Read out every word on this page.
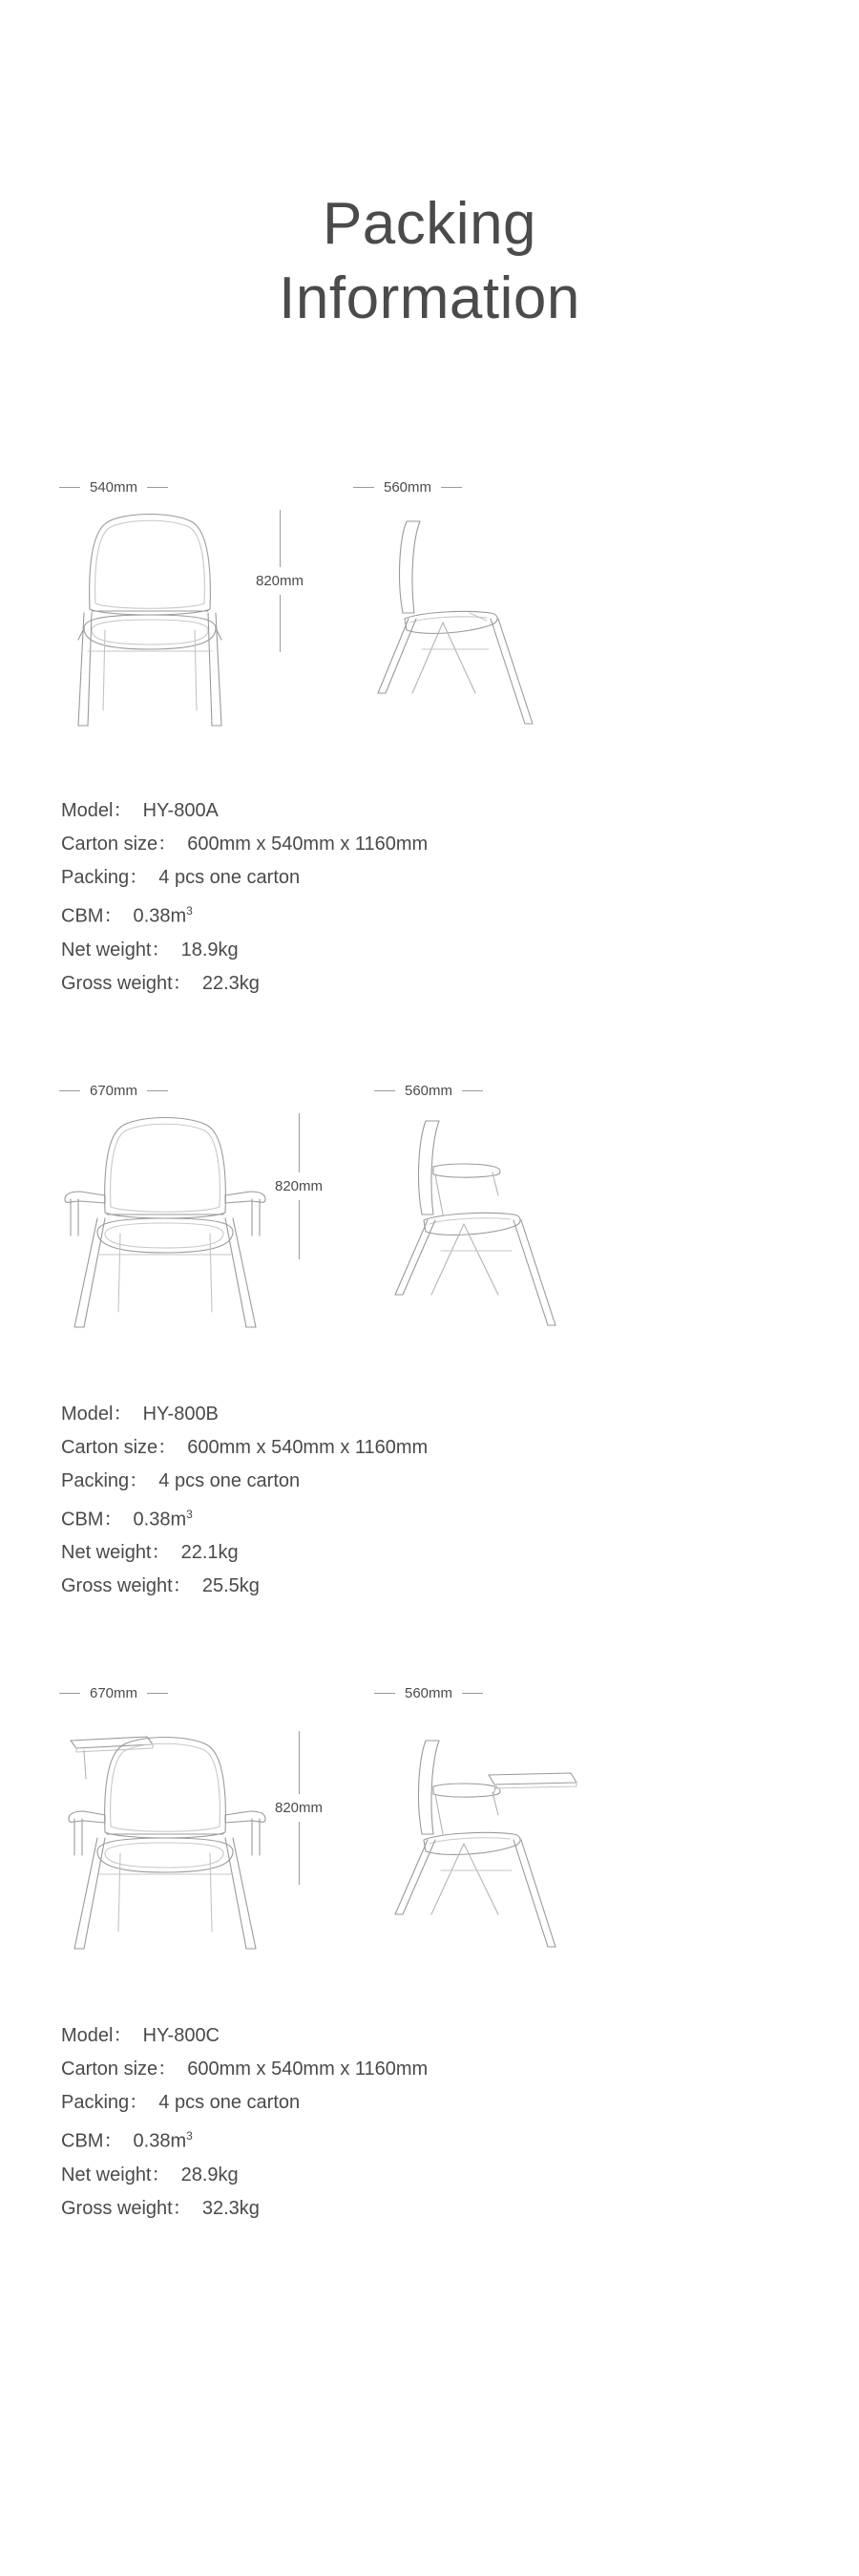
Packing
Information
540mm	560mm
820mm
Model：  HY-800A
Carton size：  600mm x 540mm x 1160mm
Packing：  4 pcs one carton
CBM：  $0.38m^3$
Net weight：  18.9kg
Gross weight：  22.3kg
670mm	560mm
820mm
Model：  HY-800B
Carton size：  600mm x 540mm x 1160mm
Packing：  4 pcs one carton
CBM：  $0.38m^3$
Net weight：  22.1kg
Gross weight：  25.5kg
670mm	560mm
820mm
Model：  HY-800C
Carton size：  600mm x 540mm x 1160mm
Packing：  4 pcs one carton
CBM：  $0.38m^3$
Net weight：  28.9kg
Gross weight：  32.3kg
